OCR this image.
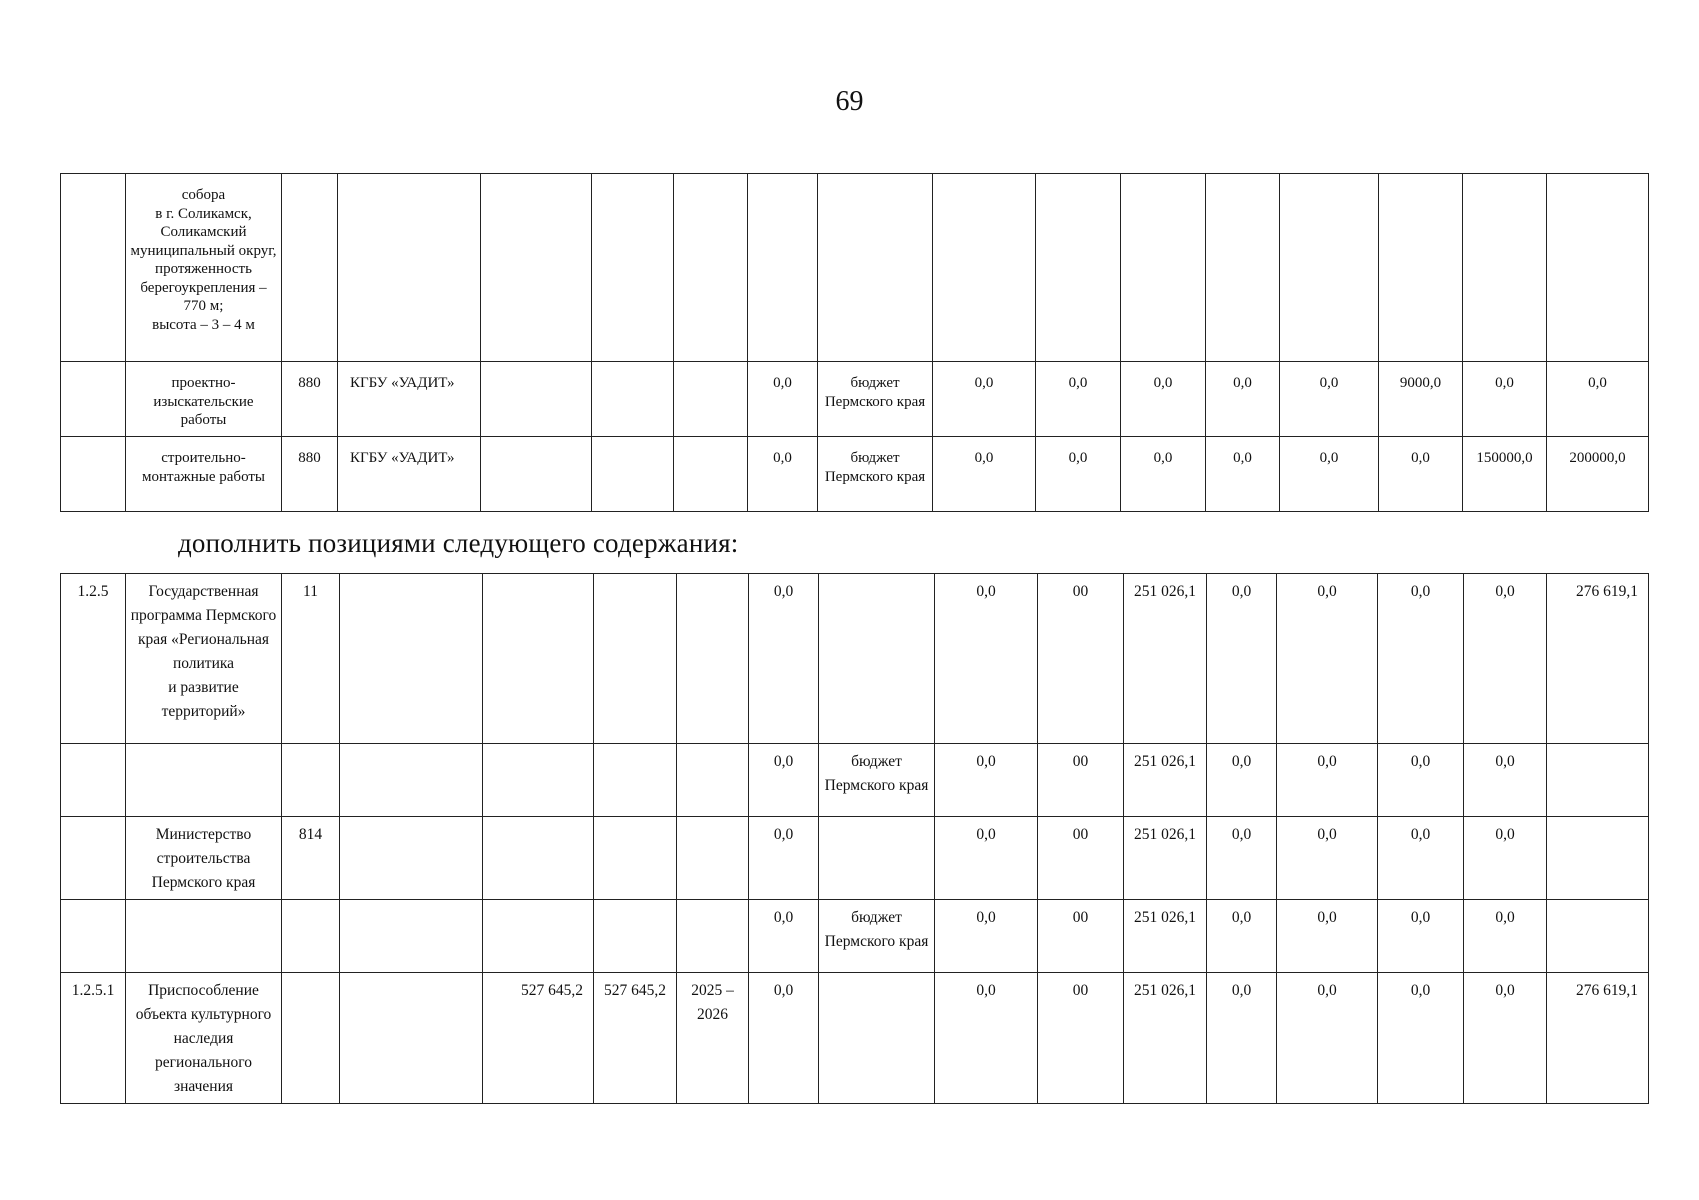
69
	собора
в г. Соликамск, Соликамский муниципальный округ, протяженность берегоукрепления – 770 м;
высота – 3 – 4 м															
	проектно-изыскательские работы	880	КГБУ «УАДИТ»				0,0	бюджет Пермского края	0,0	0,0	0,0	0,0	0,0	9000,0	0,0	0,0
	строительно-монтажные работы	880	КГБУ «УАДИТ»				0,0	бюджет Пермского края	0,0	0,0	0,0	0,0	0,0	0,0	150000,0	200000,0
дополнить позициями следующего содержания:
1.2.5	Государственная программа Пермского края «Региональная политика
и развитие территорий»	11					0,0		0,0	00	251 026,1	0,0	0,0	0,0	0,0	276 619,1
							0,0	бюджет Пермского края	0,0	00	251 026,1	0,0	0,0	0,0	0,0	
	Министерство строительства Пермского края	814					0,0		0,0	00	251 026,1	0,0	0,0	0,0	0,0	
							0,0	бюджет Пермского края	0,0	00	251 026,1	0,0	0,0	0,0	0,0	
1.2.5.1	Приспособление объекта культурного наследия регионального значения			527 645,2	527 645,2	2025 – 2026	0,0		0,0	00	251 026,1	0,0	0,0	0,0	0,0	276 619,1
